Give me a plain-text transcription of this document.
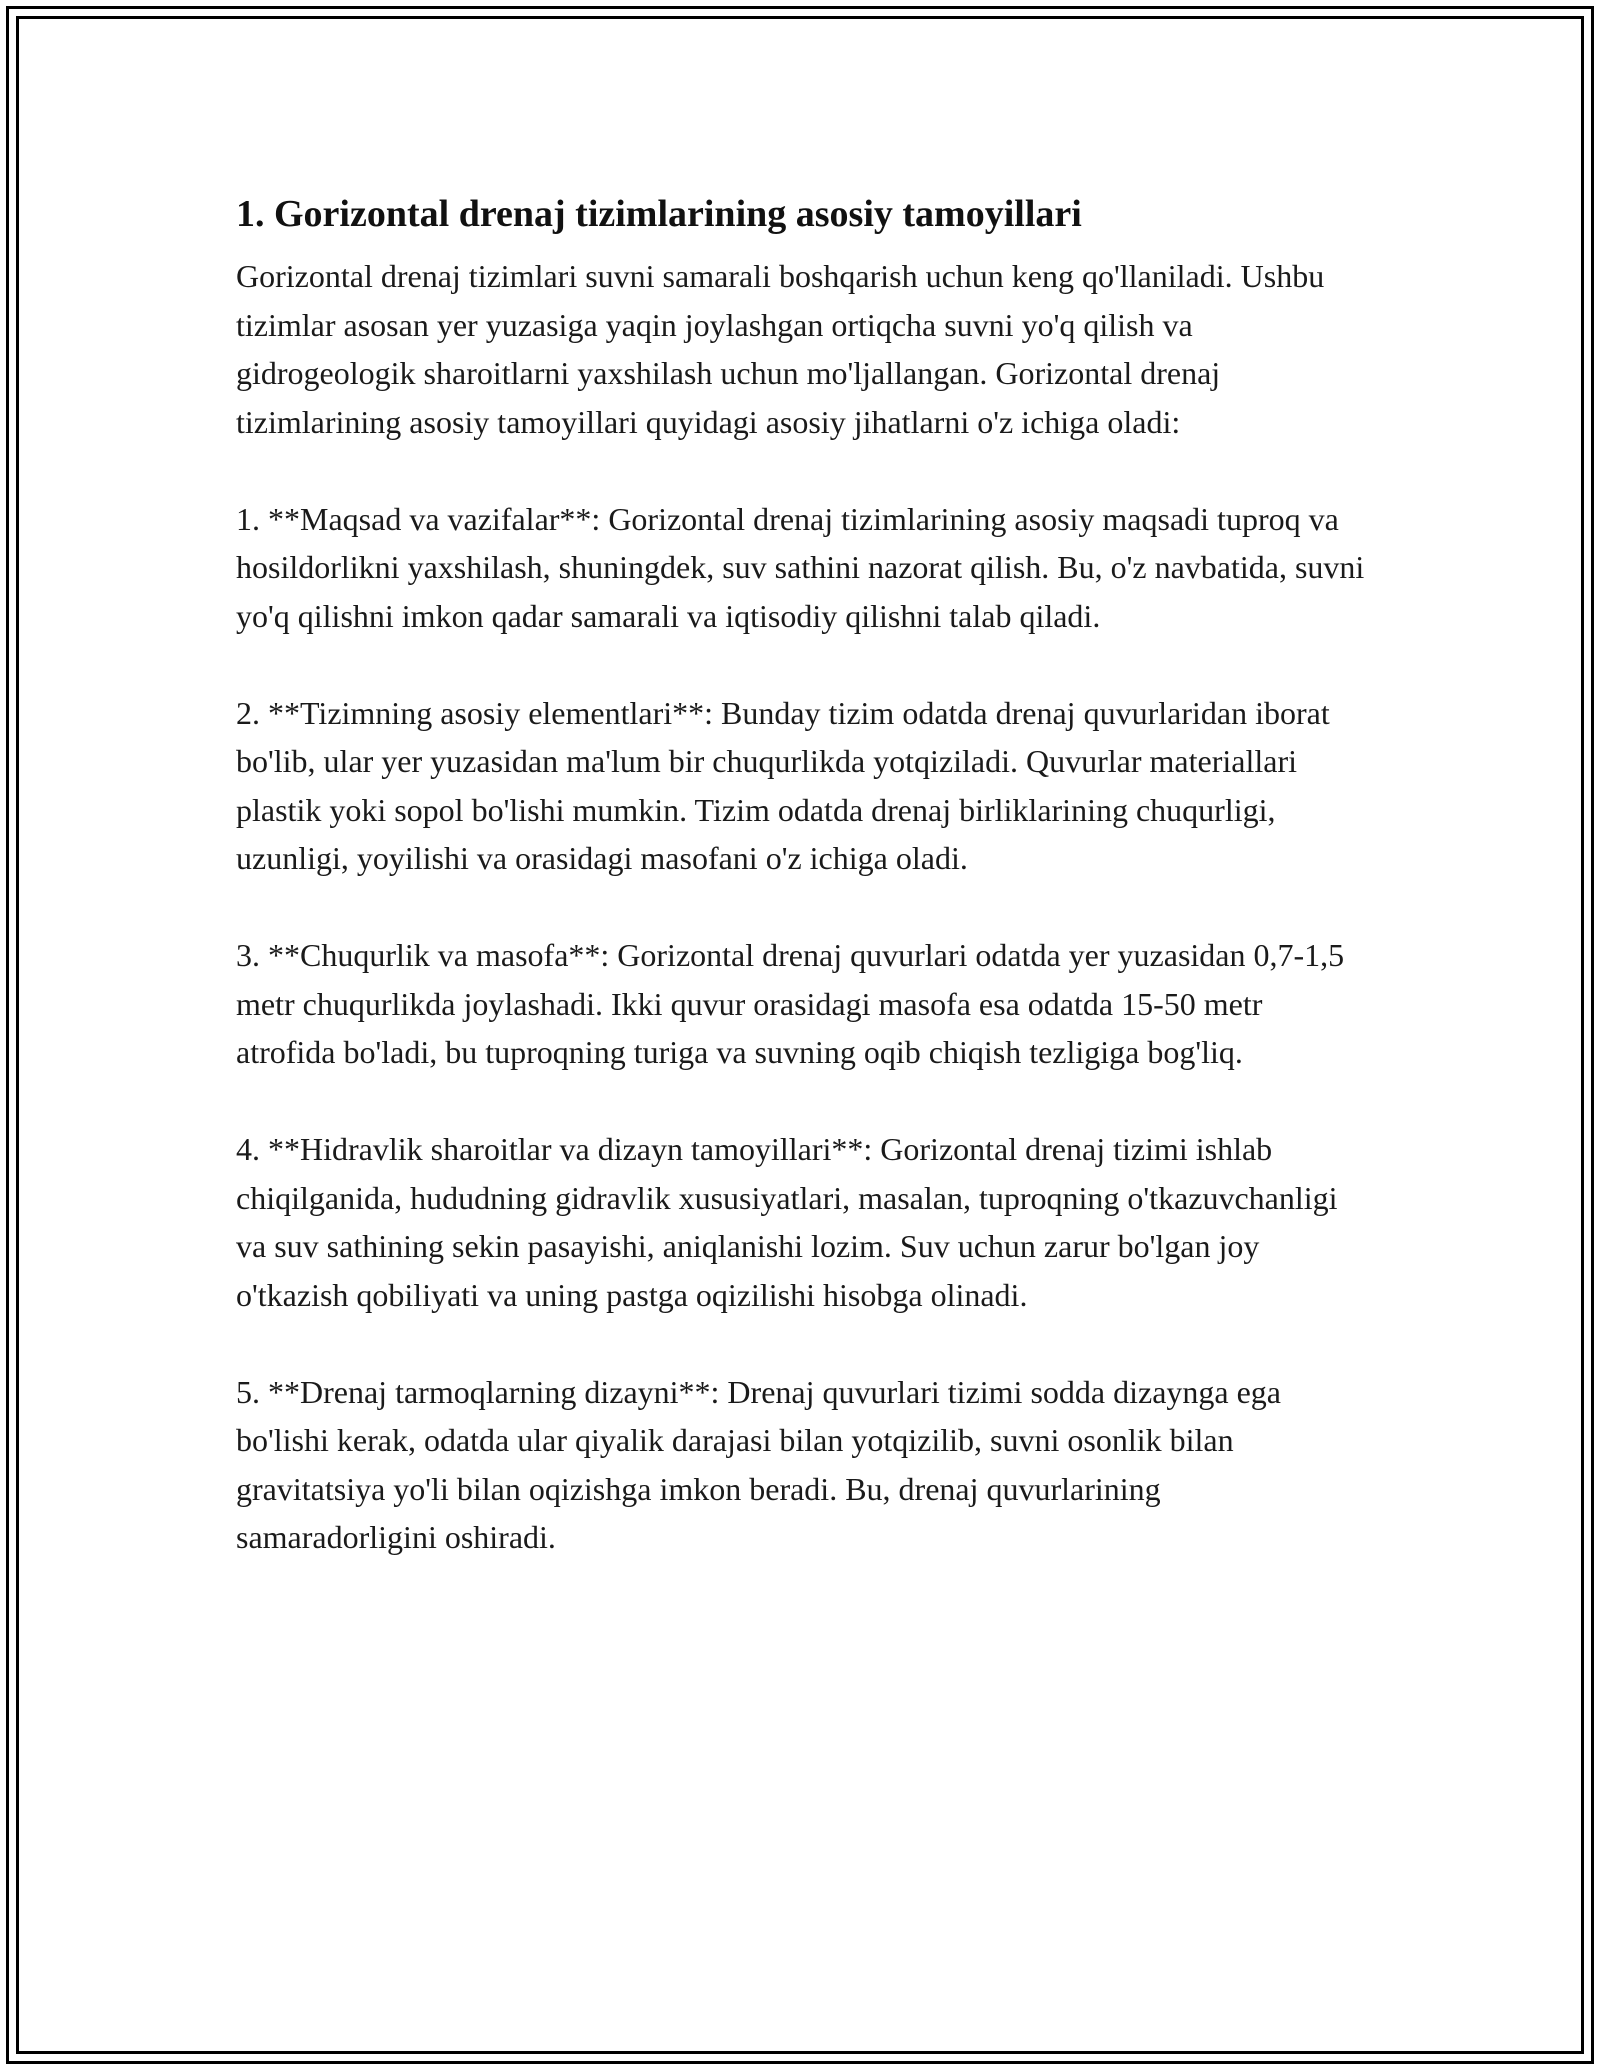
1. Gorizontal drenaj tizimlarining asosiy tamoyillari

Gorizontal drenaj tizimlari suvni samarali boshqarish uchun keng qo'llaniladi. Ushbu tizimlar asosan yer yuzasiga yaqin joylashgan ortiqcha suvni yo'q qilish va gidrogeologik sharoitlarni yaxshilash uchun mo'ljallangan. Gorizontal drenaj tizimlarining asosiy tamoyillari quyidagi asosiy jihatlarni o'z ichiga oladi:

1. **Maqsad va vazifalar**: Gorizontal drenaj tizimlarining asosiy maqsadi tuproq va hosildorlikni yaxshilash, shuningdek, suv sathini nazorat qilish. Bu, o'z navbatida, suvni yo'q qilishni imkon qadar samarali va iqtisodiy qilishni talab qiladi.

2. **Tizimning asosiy elementlari**: Bunday tizim odatda drenaj quvurlaridan iborat bo'lib, ular yer yuzasidan ma'lum bir chuqurlikda yotqiziladi. Quvurlar materiallari plastik yoki sopol bo'lishi mumkin. Tizim odatda drenaj birliklarining chuqurligi, uzunligi, yoyilishi va orasidagi masofani o'z ichiga oladi.

3. **Chuqurlik va masofa**: Gorizontal drenaj quvurlari odatda yer yuzasidan 0,7-1,5 metr chuqurlikda joylashadi. Ikki quvur orasidagi masofa esa odatda 15-50 metr atrofida bo'ladi, bu tuproqning turiga va suvning oqib chiqish tezligiga bog'liq.

4. **Hidravlik sharoitlar va dizayn tamoyillari**: Gorizontal drenaj tizimi ishlab chiqilganida, hududning gidravlik xususiyatlari, masalan, tuproqning o'tkazuvchanligi va suv sathining sekin pasayishi, aniqlanishi lozim. Suv uchun zarur bo'lgan joy o'tkazish qobiliyati va uning pastga oqizilishi hisobga olinadi.

5. **Drenaj tarmoqlarning dizayni**: Drenaj quvurlari tizimi sodda dizaynga ega bo'lishi kerak, odatda ular qiyalik darajasi bilan yotqizilib, suvni osonlik bilan gravitatsiya yo'li bilan oqizishga imkon beradi. Bu, drenaj quvurlarining samaradorligini oshiradi.
